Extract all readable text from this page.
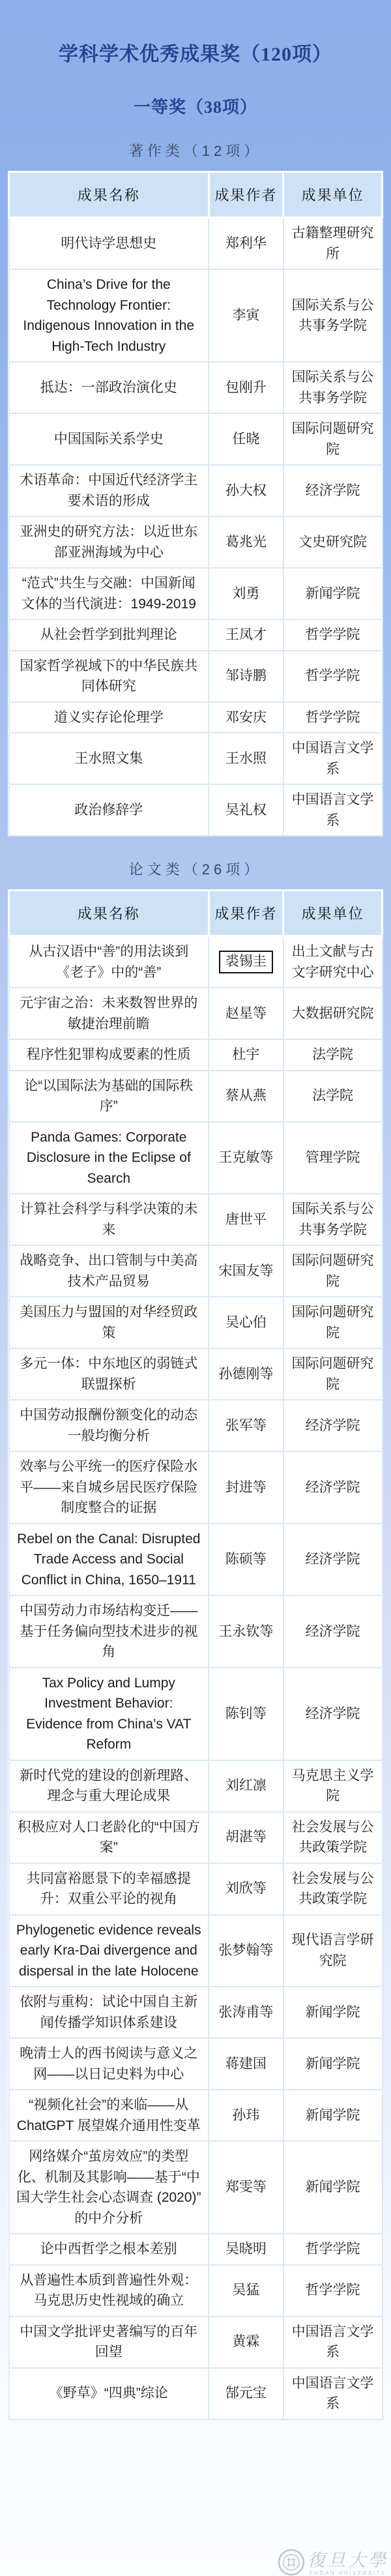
学科学术优秀成果奖（120项）
一等奖（38项）
著作类（12项）
成果名称	成果作者	成果单位
明代诗学思想史	郑利华	古籍整理研究所
China’s Drive for the Technology Frontier: Indigenous Innovation in the High-Tech Industry	李寅	国际关系与公共事务学院
抵达：一部政治演化史	包刚升	国际关系与公共事务学院
中国国际关系学史	任晓	国际问题研究院
术语革命：中国近代经济学主要术语的形成	孙大权	经济学院
亚洲史的研究方法：以近世东部亚洲海域为中心	葛兆光	文史研究院
“范式”共生与交融：中国新闻文体的当代演进：1949-2019	刘勇	新闻学院
从社会哲学到批判理论	王凤才	哲学学院
国家哲学视域下的中华民族共同体研究	邹诗鹏	哲学学院
道义实存论伦理学	邓安庆	哲学学院
王水照文集	王水照	中国语言文学系
政治修辞学	吴礼权	中国语言文学系
论文类（26项）
成果名称	成果作者	成果单位
从古汉语中“善”的用法谈到《老子》中的“善”	裘锡圭	出土文献与古文字研究中心
元宇宙之治：未来数智世界的敏捷治理前瞻	赵星等	大数据研究院
程序性犯罪构成要素的性质	杜宇	法学院
论“以国际法为基础的国际秩序”	蔡从燕	法学院
Panda Games: Corporate Disclosure in the Eclipse of Search	王克敏等	管理学院
计算社会科学与科学决策的未来	唐世平	国际关系与公共事务学院
战略竞争、出口管制与中美高技术产品贸易	宋国友等	国际问题研究院
美国压力与盟国的对华经贸政策	吴心伯	国际问题研究院
多元一体：中东地区的弱链式联盟探析	孙德刚等	国际问题研究院
中国劳动报酬份额变化的动态一般均衡分析	张军等	经济学院
效率与公平统一的医疗保险水平——来自城乡居民医疗保险制度整合的证据	封进等	经济学院
Rebel on the Canal: Disrupted Trade Access and Social Conflict in China, 1650–1911	陈硕等	经济学院
中国劳动力市场结构变迁——基于任务偏向型技术进步的视角	王永钦等	经济学院
Tax Policy and Lumpy Investment Behavior: Evidence from China’s VAT Reform	陈钊等	经济学院
新时代党的建设的创新理路、理念与重大理论成果	刘红凛	马克思主义学院
积极应对人口老龄化的“中国方案”	胡湛等	社会发展与公共政策学院
共同富裕愿景下的幸福感提升：双重公平论的视角	刘欣等	社会发展与公共政策学院
Phylogenetic evidence reveals early Kra-Dai divergence and dispersal in the late Holocene	张梦翰等	现代语言学研究院
依附与重构：试论中国自主新闻传播学知识体系建设	张涛甫等	新闻学院
晚清士人的西书阅读与意义之网——以日记史料为中心	蒋建国	新闻学院
“视频化社会”的来临——从 ChatGPT 展望媒介通用性变革	孙玮	新闻学院
网络媒介“茧房效应”的类型化、机制及其影响——基于“中国大学生社会心态调查 (2020)”的中介分析	郑雯等	新闻学院
论中西哲学之根本差别	吴晓明	哲学学院
从普遍性本质到普遍性外观：马克思历史性视域的确立	吴猛	哲学学院
中国文学批评史著编写的百年回望	黄霖	中国语言文学系
《野草》“四典”综论	郜元宝	中国语言文学系
復旦大學
FUDAN UNIVERSITY
